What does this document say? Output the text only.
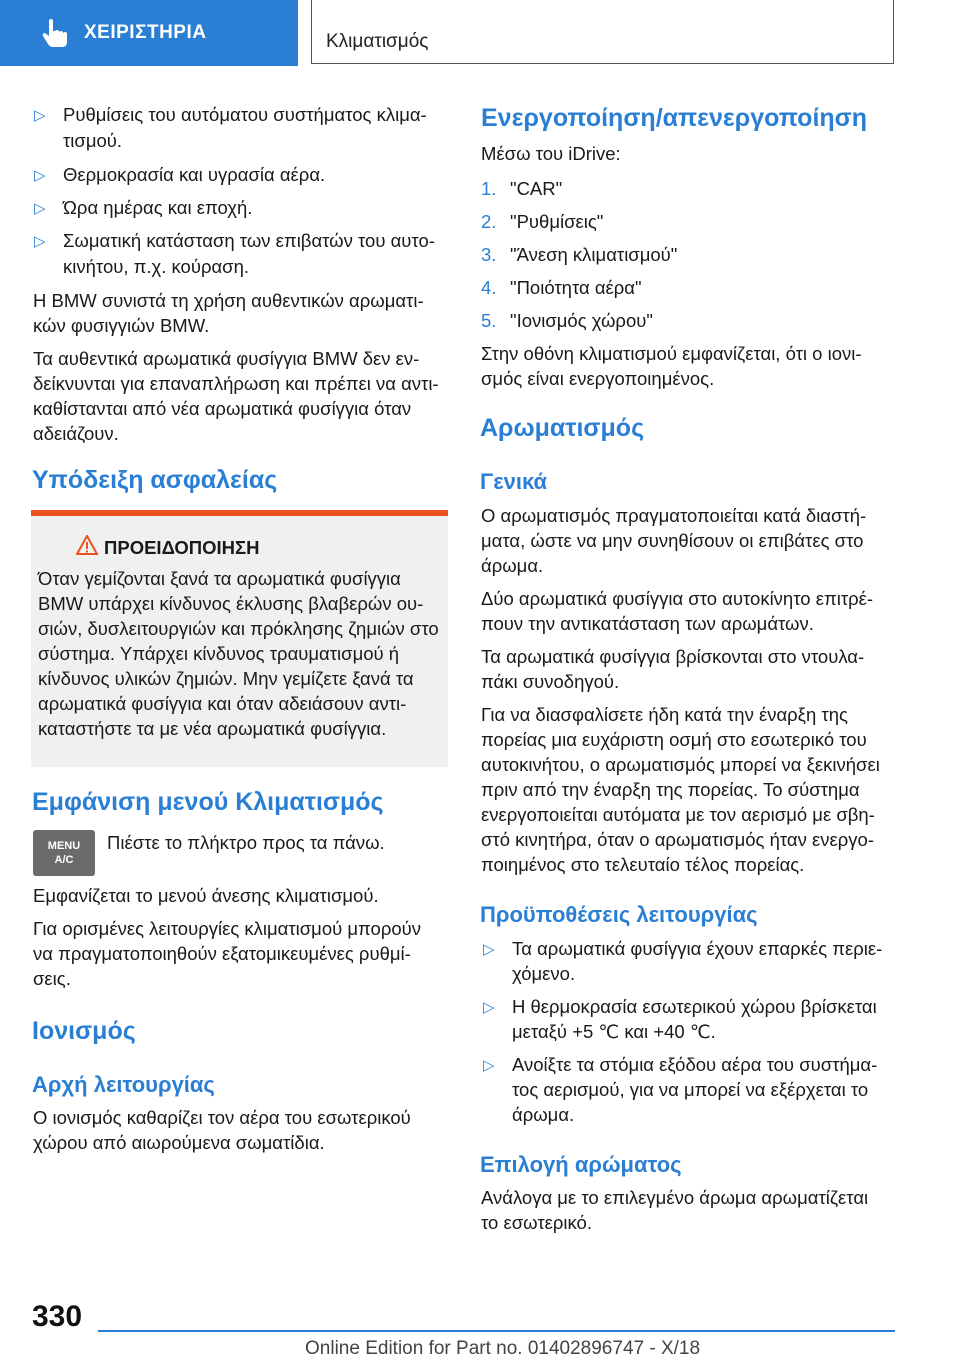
ΧΕΙΡΙΣΤΗΡΙΑ	Κλιματισμός
▷ Ρυθμίσεις του αυτόματου συστήματος κλιμα-
τισμού.
▷ Θερμοκρασία και υγρασία αέρα.
▷ Ώρα ημέρας και εποχή.
▷ Σωματική κατάσταση των επιβατών του αυτο-
κινήτου, π.χ. κούραση.
Η BMW συνιστά τη χρήση αυθεντικών αρωματι-
κών φυσιγγιών BMW.
Τα αυθεντικά αρωματικά φυσίγγια BMW δεν εν-
δείκνυνται για επαναπλήρωση και πρέπει να αντι-
καθίστανται από νέα αρωματικά φυσίγγια όταν
αδειάζουν.
Υπόδειξη ασφαλείας
ΠΡΟΕΙΔΟΠΟΙΗΣΗ
Όταν γεμίζονται ξανά τα αρωματικά φυσίγγια
BMW υπάρχει κίνδυνος έκλυσης βλαβερών ου-
σιών, δυσλειτουργιών και πρόκλησης ζημιών στο
σύστημα. Υπάρχει κίνδυνος τραυματισμού ή
κίνδυνος υλικών ζημιών. Μην γεμίζετε ξανά τα
αρωματικά φυσίγγια και όταν αδειάσουν αντι-
καταστήστε τα με νέα αρωματικά φυσίγγια.
Εμφάνιση μενού Κλιματισμός
MENU
A/C
Πιέστε το πλήκτρο προς τα πάνω.
Εμφανίζεται το μενού άνεσης κλιματισμού.
Για ορισμένες λειτουργίες κλιματισμού μπορούν
να πραγματοποιηθούν εξατομικευμένες ρυθμί-
σεις.
Ιονισμός
Αρχή λειτουργίας
Ο ιονισμός καθαρίζει τον αέρα του εσωτερικού
χώρου από αιωρούμενα σωματίδια.
Ενεργοποίηση/απενεργοποίηση
Μέσω του iDrive:
1. "CAR"
2. "Ρυθμίσεις"
3. "Άνεση κλιματισμού"
4. "Ποιότητα αέρα"
5. "Ιονισμός χώρου"
Στην οθόνη κλιματισμού εμφανίζεται, ότι ο ιονι-
σμός είναι ενεργοποιημένος.
Αρωματισμός
Γενικά
Ο αρωματισμός πραγματοποιείται κατά διαστή-
ματα, ώστε να μην συνηθίσουν οι επιβάτες στο
άρωμα.
Δύο αρωματικά φυσίγγια στο αυτοκίνητο επιτρέ-
πουν την αντικατάσταση των αρωμάτων.
Τα αρωματικά φυσίγγια βρίσκονται στο ντουλα-
πάκι συνοδηγού.
Για να διασφαλίσετε ήδη κατά την έναρξη της
πορείας μια ευχάριστη οσμή στο εσωτερικό του
αυτοκινήτου, ο αρωματισμός μπορεί να ξεκινήσει
πριν από την έναρξη της πορείας. Το σύστημα
ενεργοποιείται αυτόματα με τον αερισμό με σβη-
στό κινητήρα, όταν ο αρωματισμός ήταν ενεργο-
ποιημένος στο τελευταίο τέλος πορείας.
Προϋποθέσεις λειτουργίας
▷ Τα αρωματικά φυσίγγια έχουν επαρκές περιε-
χόμενο.
▷ Η θερμοκρασία εσωτερικού χώρου βρίσκεται
μεταξύ +5 ℃ και +40 ℃.
▷ Ανοίξτε τα στόμια εξόδου αέρα του συστήμα-
τος αερισμού, για να μπορεί να εξέρχεται το
άρωμα.
Επιλογή αρώματος
Ανάλογα με το επιλεγμένο άρωμα αρωματίζεται
το εσωτερικό.
330
Online Edition for Part no. 01402896747 - X/18
